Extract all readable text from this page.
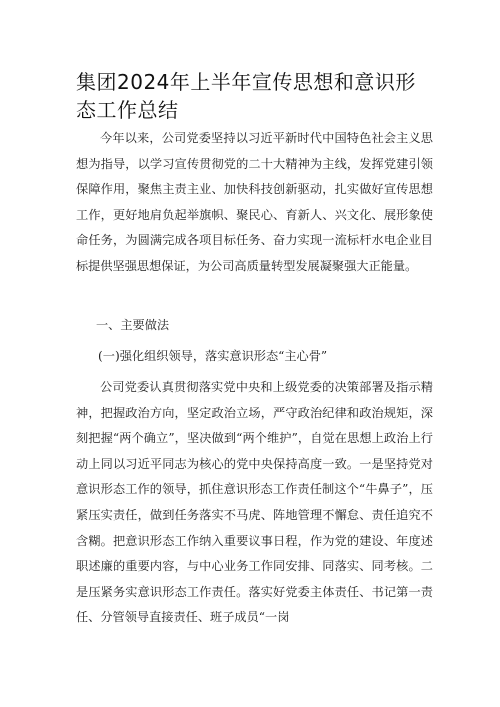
集团2024年上半年宣传思想和意识形态工作总结
今年以来，公司党委坚持以习近平新时代中国特色社会主义思想为指导，以学习宣传贯彻党的二十大精神为主线，发挥党建引领保障作用，聚焦主责主业、加快科技创新驱动，扎实做好宣传思想工作，更好地肩负起举旗帜、聚民心、育新人、兴文化、展形象使命任务，为圆满完成各项目标任务、奋力实现一流标杆水电企业目标提供坚强思想保证，为公司高质量转型发展凝聚强大正能量。
一、主要做法
(一)强化组织领导，落实意识形态“主心骨”
公司党委认真贯彻落实党中央和上级党委的决策部署及指示精神，把握政治方向，坚定政治立场，严守政治纪律和政治规矩，深刻把握“两个确立”，坚决做到“两个维护”，自觉在思想上政治上行动上同以习近平同志为核心的党中央保持高度一致。一是坚持党对意识形态工作的领导，抓住意识形态工作责任制这个“牛鼻子”，压紧压实责任，做到任务落实不马虎、阵地管理不懈怠、责任追究不含糊。把意识形态工作纳入重要议事日程，作为党的建设、年度述职述廉的重要内容，与中心业务工作同安排、同落实、同考核。二是压紧务实意识形态工作责任。落实好党委主体责任、书记第一责任、分管领导直接责任、班子成员“一岗
